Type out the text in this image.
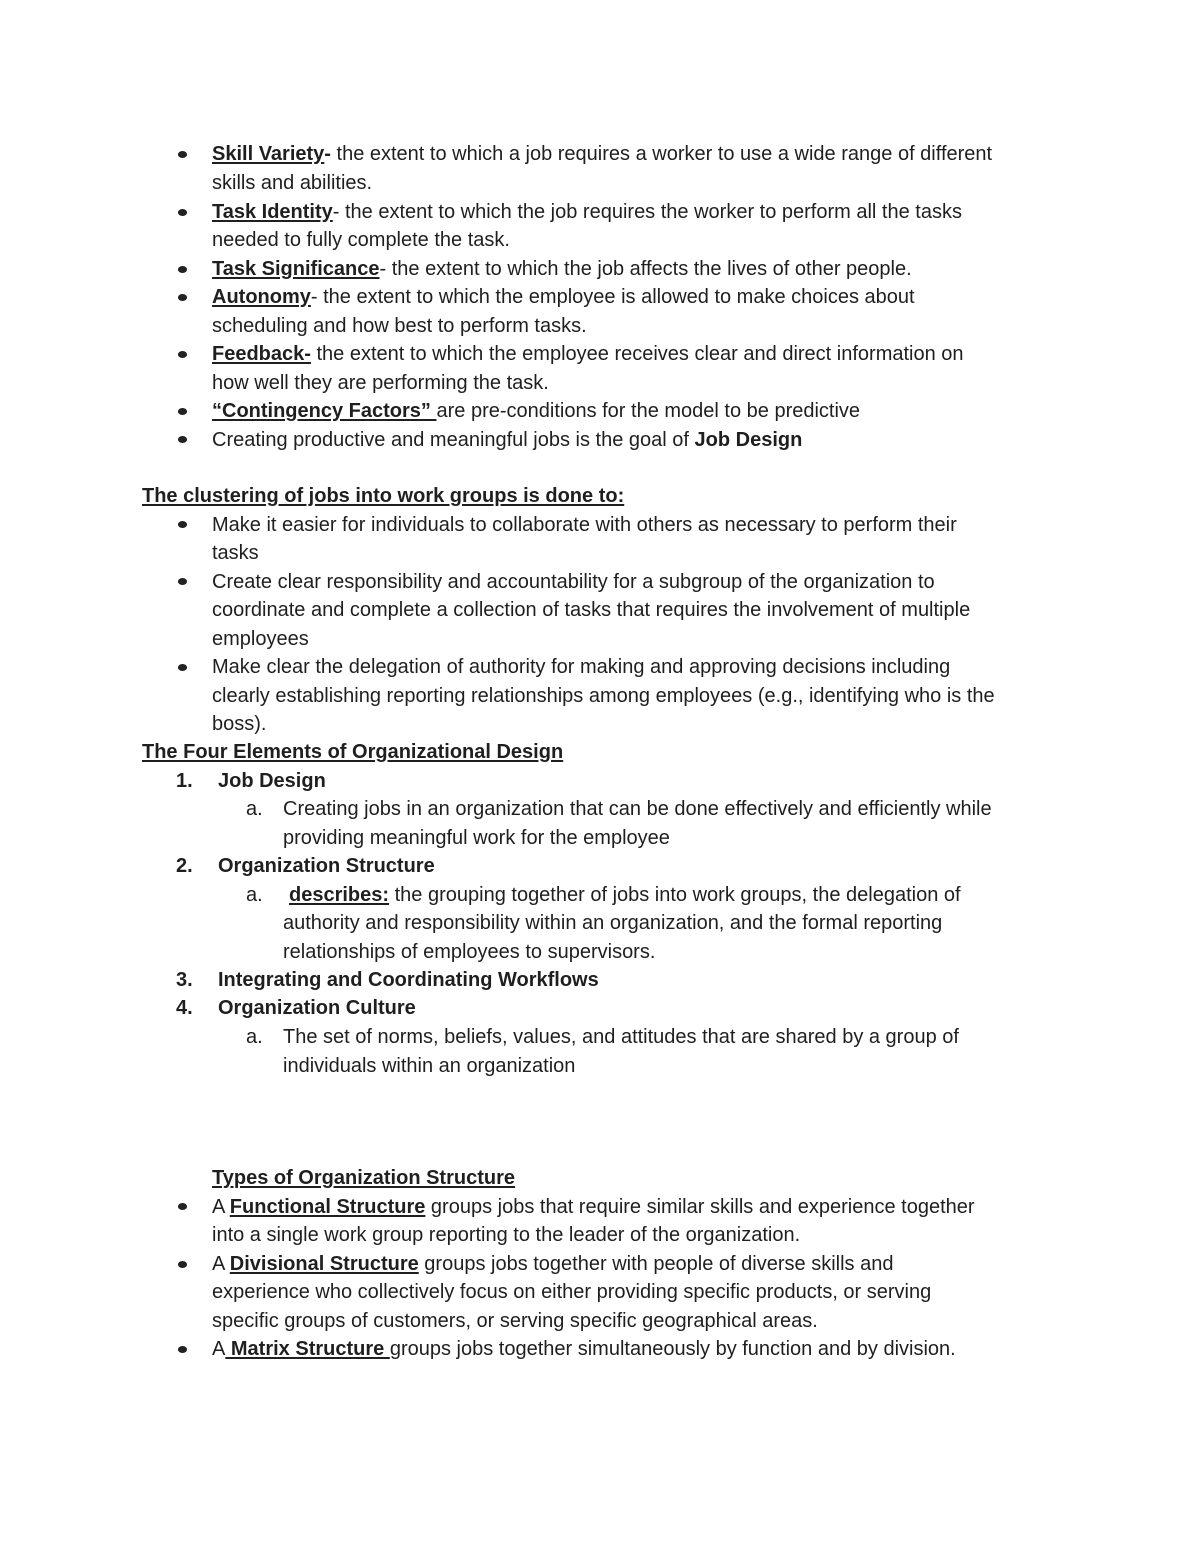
Skill Variety- the extent to which a job requires a worker to use a wide range of different
skills and abilities.
Task Identity- the extent to which the job requires the worker to perform all the tasks
needed to fully complete the task.
Task Significance- the extent to which the job affects the lives of other people.
Autonomy- the extent to which the employee is allowed to make choices about
scheduling and how best to perform tasks.
Feedback- the extent to which the employee receives clear and direct information on
how well they are performing the task.
“Contingency Factors” are pre-conditions for the model to be predictive
Creating productive and meaningful jobs is the goal of Job Design
The clustering of jobs into work groups is done to:
Make it easier for individuals to collaborate with others as necessary to perform their
tasks
Create clear responsibility and accountability for a subgroup of the organization to
coordinate and complete a collection of tasks that requires the involvement of multiple
employees
Make clear the delegation of authority for making and approving decisions including
clearly establishing reporting relationships among employees (e.g., identifying who is the
boss).
The Four Elements of Organizational Design
1. Job Design
a. Creating jobs in an organization that can be done effectively and efficiently while
providing meaningful work for the employee
2. Organization Structure
a.	describes: the grouping together of jobs into work groups, the delegation of
authority and responsibility within an organization, and the formal reporting
relationships of employees to supervisors.
3. Integrating and Coordinating Workflows
4. Organization Culture
a. The set of norms, beliefs, values, and attitudes that are shared by a group of
individuals within an organization
Types of Organization Structure
A Functional Structure groups jobs that require similar skills and experience together
into a single work group reporting to the leader of the organization.
A Divisional Structure groups jobs together with people of diverse skills and
experience who collectively focus on either providing specific products, or serving
specific groups of customers, or serving specific geographical areas.
A Matrix Structure groups jobs together simultaneously by function and by division.
